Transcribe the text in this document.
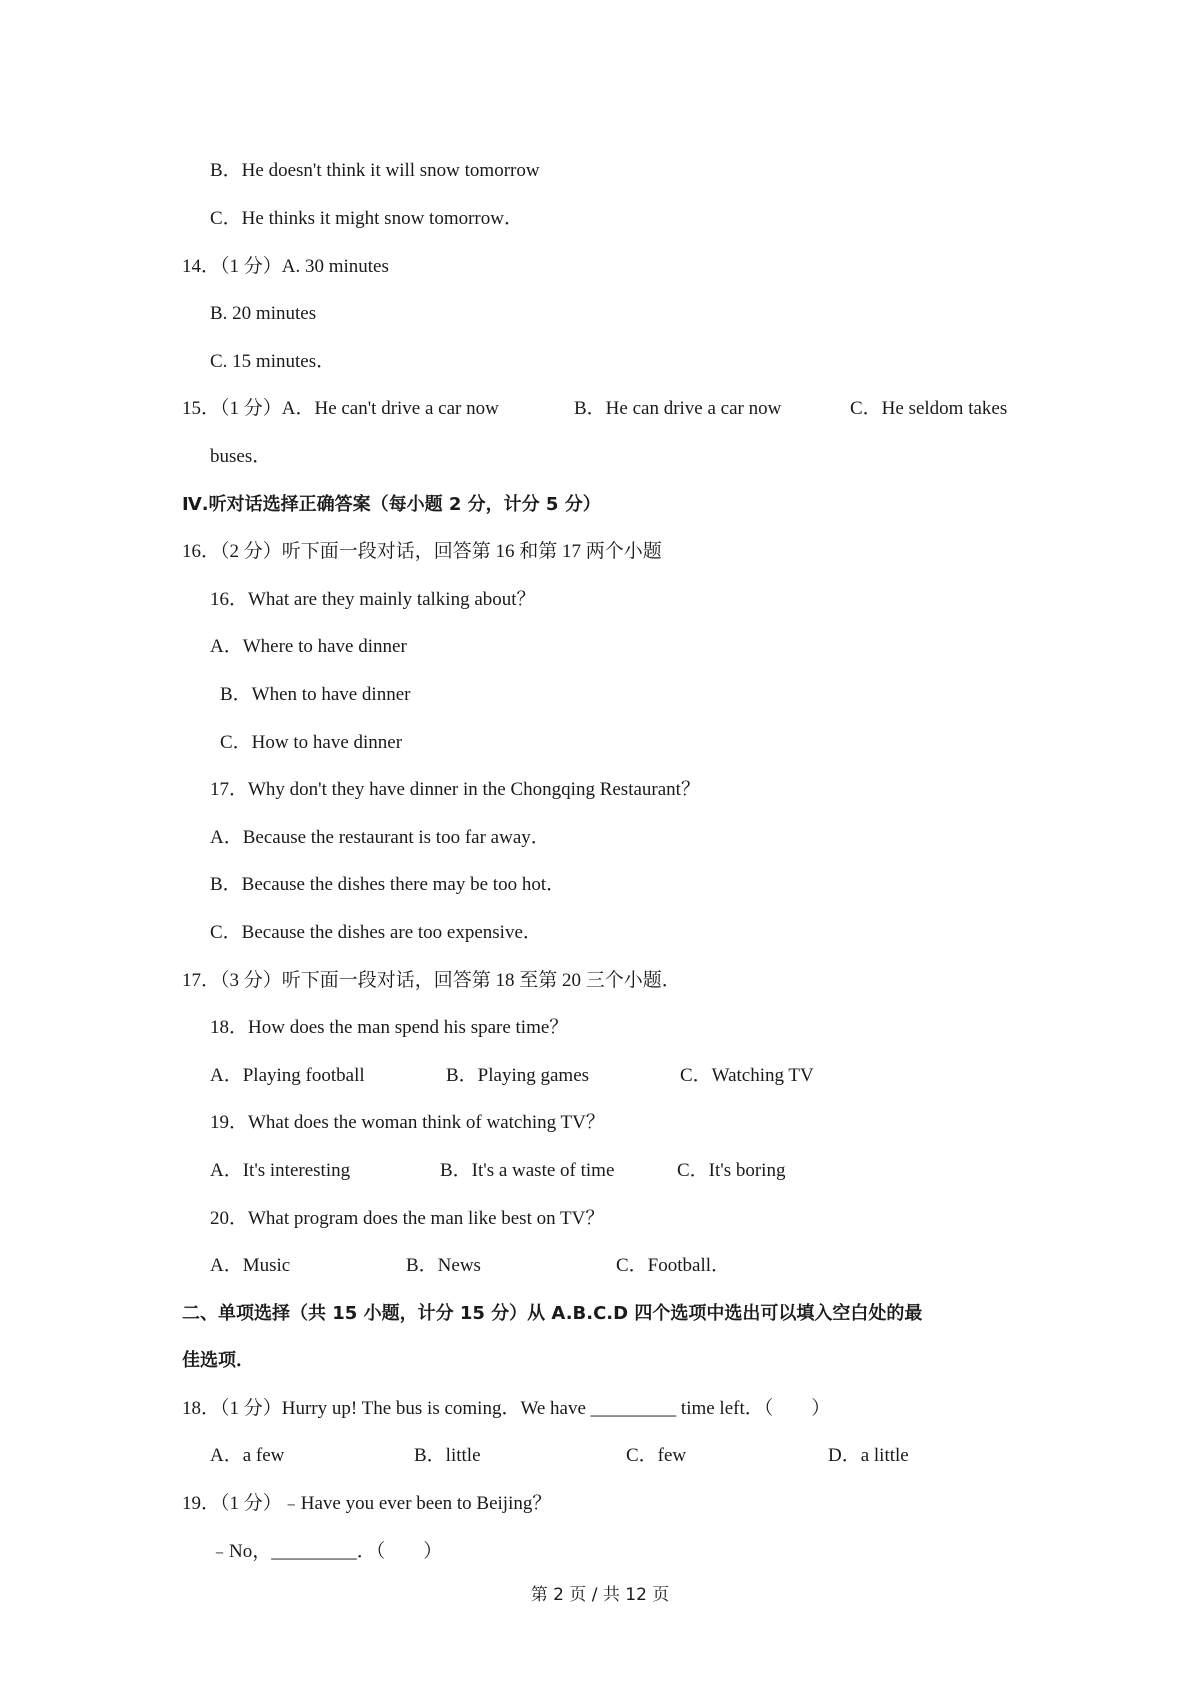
B．He doesn't think it will snow tomorrow
C．He thinks it might snow tomorrow．
14．（1 分）A. 30 minutes
B. 20 minutes
C. 15 minutes．
15．（1 分）A．He can't drive a car now	B．He can drive a car now	C．He seldom takes
buses．
Ⅳ.听对话选择正确答案（每小题 2 分，计分 5 分）
16．（2 分）听下面一段对话，回答第 16 和第 17 两个小题
16．What are they mainly talking about？
A．Where to have dinner
B．When to have dinner
C．How to have dinner
17．Why don't they have dinner in the Chongqing Restaurant？
A．Because the restaurant is too far away．
B．Because the dishes there may be too hot．
C．Because the dishes are too expensive．
17．（3 分）听下面一段对话，回答第 18 至第 20 三个小题．
18．How does the man spend his spare time？
A．Playing football	B．Playing games	C．Watching TV
19．What does the woman think of watching TV？
A．It's interesting	B．It's a waste of time	C．It's boring
20．What program does the man like best on TV？
A．Music	B．News	C．Football．
二、单项选择（共 15 小题，计分 15 分）从 A.B.C.D 四个选项中选出可以填入空白处的最
佳选项．
18．（1 分）Hurry up! The bus is coming．We have _________ time left．（　　）
A．a few	B．little	C．few	D．a little
19．（1 分）﹣Have you ever been to Beijing？
﹣No，_________．（　　）
第 2 页 / 共 12 页
